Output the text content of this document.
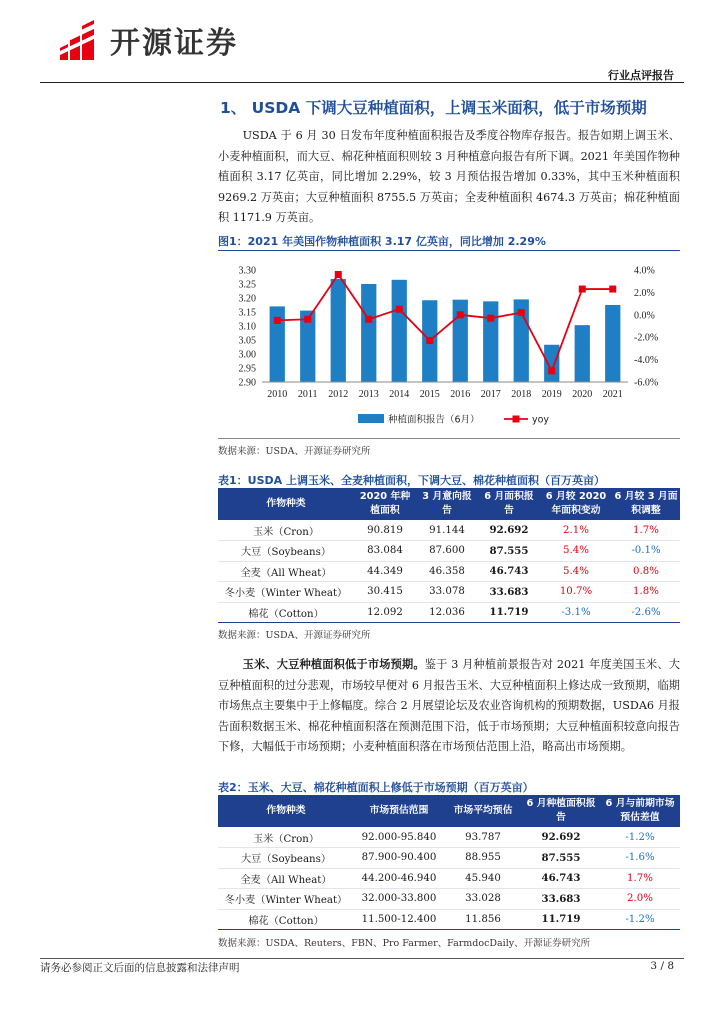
开源证券
行业点评报告
1、 USDA 下调大豆种植面积，上调玉米面积，低于市场预期

USDA 于 6 月 30 日发布年度种植面积报告及季度谷物库存报告。报告如期上调玉米、小麦种植面积，而大豆、棉花种植面积则较 3 月种植意向报告有所下调。2021 年美国作物种植面积 3.17 亿英亩，同比增加 2.29%，较 3 月预估报告增加 0.33%，其中玉米种植面积 9269.2 万英亩；大豆种植面积 8755.5 万英亩；全麦种植面积 4674.3 万英亩；棉花种植面积 1171.9 万英亩。

图1：2021 年美国作物种植面积 3.17 亿英亩，同比增加 2.29%
3.30
3.25
3.20
3.15
3.10
3.05
3.00
2.95
2.90
4.0%
2.0%
0.0%
-2.0%
-4.0%
-6.0%
2010 2011 2012 2013 2014 2015 2016 2017 2018 2019 2020 2021
种植面积报告（6月）	yoy
数据来源：USDA、开源证券研究所
表1：USDA 上调玉米、全麦种植面积，下调大豆、棉花种植面积（百万英亩）
作物种类	2020 年种植面积	3 月意向报告	6 月面积报告	6 月较 2020 年面积变动	6 月较 3 月面积调整
玉米（Cron）	90.819	91.144	92.692	2.1%	1.7%
大豆（Soybeans）	83.084	87.600	87.555	5.4%	-0.1%
全麦（All Wheat）	44.349	46.358	46.743	5.4%	0.8%
冬小麦（Winter Wheat）	30.415	33.078	33.683	10.7%	1.8%
棉花（Cotton）	12.092	12.036	11.719	-3.1%	-2.6%
数据来源：USDA、开源证券研究所

玉米、大豆种植面积低于市场预期。鉴于 3 月种植前景报告对 2021 年度美国玉米、大豆种植面积的过分悲观，市场较早便对 6 月报告玉米、大豆种植面积上修达成一致预期，临期市场焦点主要集中于上修幅度。综合 2 月展望论坛及农业咨询机构的预期数据，USDA6 月报告面积数据玉米、棉花种植面积落在预测范围下沿，低于市场预期；大豆种植面积较意向报告下修，大幅低于市场预期；小麦种植面积落在市场预估范围上沿，略高出市场预期。

表2：玉米、大豆、棉花种植面积上修低于市场预期（百万英亩）
作物种类	市场预估范围	市场平均预估	6 月种植面积报告	6 月与前期市场预估差值
玉米（Cron）	92.000-95.840	93.787	92.692	-1.2%
大豆（Soybeans）	87.900-90.400	88.955	87.555	-1.6%
全麦（All Wheat）	44.200-46.940	45.940	46.743	1.7%
冬小麦（Winter Wheat）	32.000-33.800	33.028	33.683	2.0%
棉花（Cotton）	11.500-12.400	11.856	11.719	-1.2%
数据来源：USDA、Reuters、FBN、Pro Farmer、FarmdocDaily、开源证券研究所
请务必参阅正文后面的信息披露和法律声明	3 / 8
